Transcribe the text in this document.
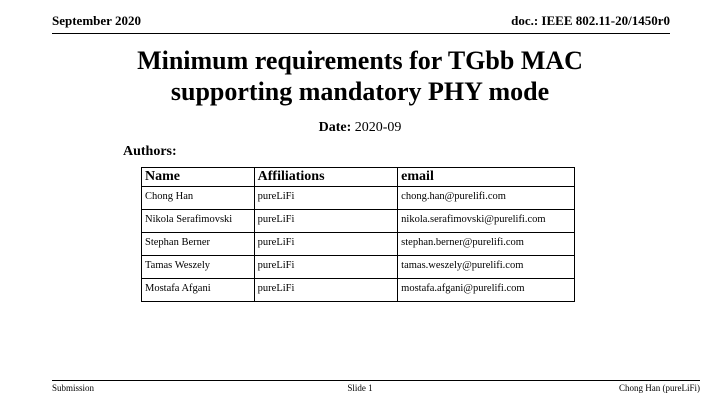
September 2020	doc.: IEEE 802.11-20/1450r0
Minimum requirements for TGbb MAC
supporting mandatory PHY mode
Date: 2020-09
Authors:
Name	Affiliations	email
Chong Han	pureLiFi	chong.han@purelifi.com
Nikola Serafimovski	pureLiFi	nikola.serafimovski@purelifi.com
Stephan Berner	pureLiFi	stephan.berner@purelifi.com
Tamas Weszely	pureLiFi	tamas.weszely@purelifi.com
Mostafa Afgani	pureLiFi	mostafa.afgani@purelifi.com
Submission	Slide 1	Chong Han (pureLiFi)
